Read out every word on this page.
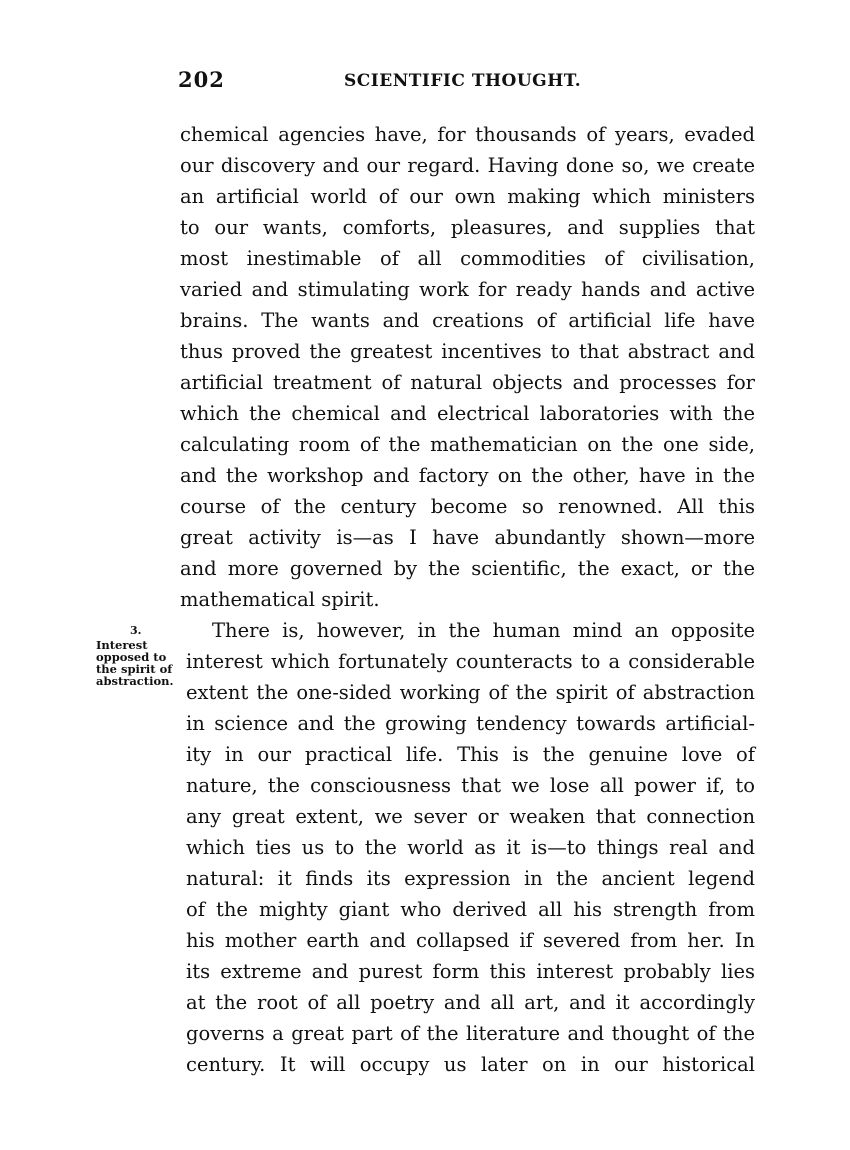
202	SCIENTIFIC THOUGHT.
3.
Interest
opposed to
the spirit of
abstraction.
chemical agencies have, for thousands of years, evaded
our discovery and our regard. Having done so, we create
an artificial world of our own making which ministers
to our wants, comforts, pleasures, and supplies that
most inestimable of all commodities of civilisation,
varied and stimulating work for ready hands and active
brains. The wants and creations of artificial life have
thus proved the greatest incentives to that abstract and
artificial treatment of natural objects and processes for
which the chemical and electrical laboratories with the
calculating room of the mathematician on the one side,
and the workshop and factory on the other, have in the
course of the century become so renowned. All this
great activity is—as I have abundantly shown—more
and more governed by the scientific, the exact, or the
mathematical spirit.
There is, however, in the human mind an opposite
interest which fortunately counteracts to a considerable
extent the one-sided working of the spirit of abstraction
in science and the growing tendency towards artificial-
ity in our practical life. This is the genuine love of
nature, the consciousness that we lose all power if, to
any great extent, we sever or weaken that connection
which ties us to the world as it is—to things real and
natural: it finds its expression in the ancient legend
of the mighty giant who derived all his strength from
his mother earth and collapsed if severed from her. In
its extreme and purest form this interest probably lies
at the root of all poetry and all art, and it accordingly
governs a great part of the literature and thought of the
century. It will occupy us later on in our historical
